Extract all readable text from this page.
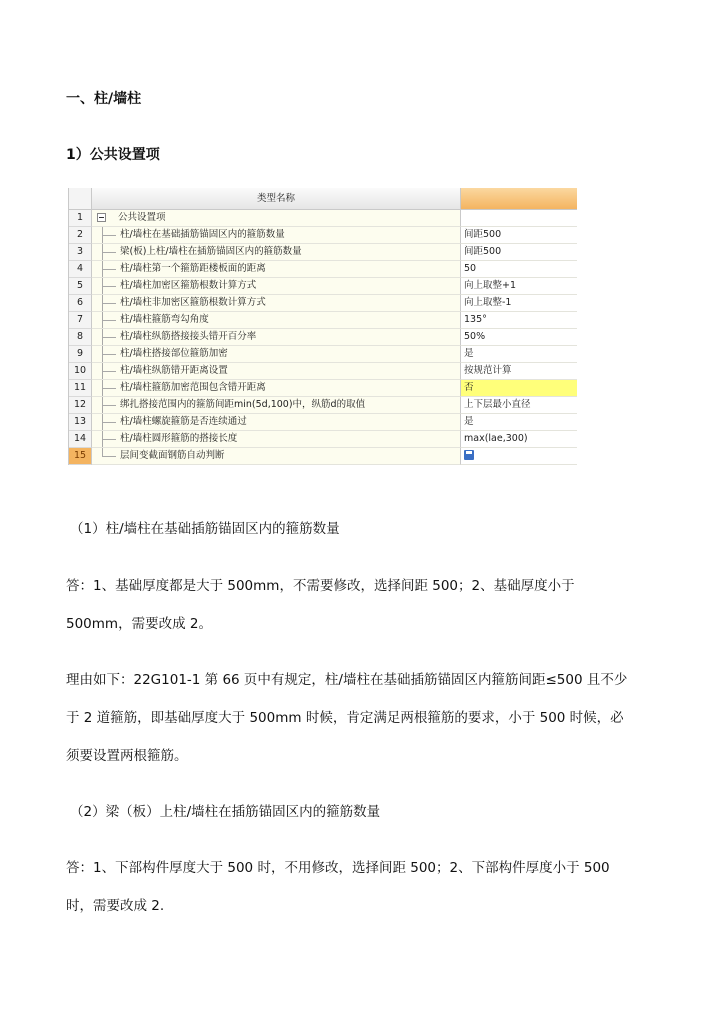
一、柱/墙柱
1）公共设置项
类型名称
1	公共设置项
2	柱/墙柱在基础插筋锚固区内的箍筋数量	间距500
3	梁(板)上柱/墙柱在插筋锚固区内的箍筋数量	间距500
4	柱/墙柱第一个箍筋距楼板面的距离	50
5	柱/墙柱加密区箍筋根数计算方式	向上取整+1
6	柱/墙柱非加密区箍筋根数计算方式	向上取整-1
7	柱/墙柱箍筋弯勾角度	135°
8	柱/墙柱纵筋搭接接头错开百分率	50%
9	柱/墙柱搭接部位箍筋加密	是
10	柱/墙柱纵筋错开距离设置	按规范计算
11	柱/墙柱箍筋加密范围包含错开距离	否
12	绑扎搭接范围内的箍筋间距min(5d,100)中，纵筋d的取值	上下层最小直径
13	柱/墙柱螺旋箍筋是否连续通过	是
14	柱/墙柱圆形箍筋的搭接长度	max(lae,300)
15	层间变截面钢筋自动判断
（1）柱/墙柱在基础插筋锚固区内的箍筋数量
答：1、基础厚度都是大于 500mm，不需要修改，选择间距 500；2、基础厚度小于
500mm，需要改成 2。
理由如下：22G101-1 第 66 页中有规定，柱/墙柱在基础插筋锚固区内箍筋间距≤500 且不少
于 2 道箍筋，即基础厚度大于 500mm 时候，肯定满足两根箍筋的要求，小于 500 时候，必
须要设置两根箍筋。
（2）梁（板）上柱/墙柱在插筋锚固区内的箍筋数量
答：1、下部构件厚度大于 500 时，不用修改，选择间距 500；2、下部构件厚度小于 500
时，需要改成 2.
